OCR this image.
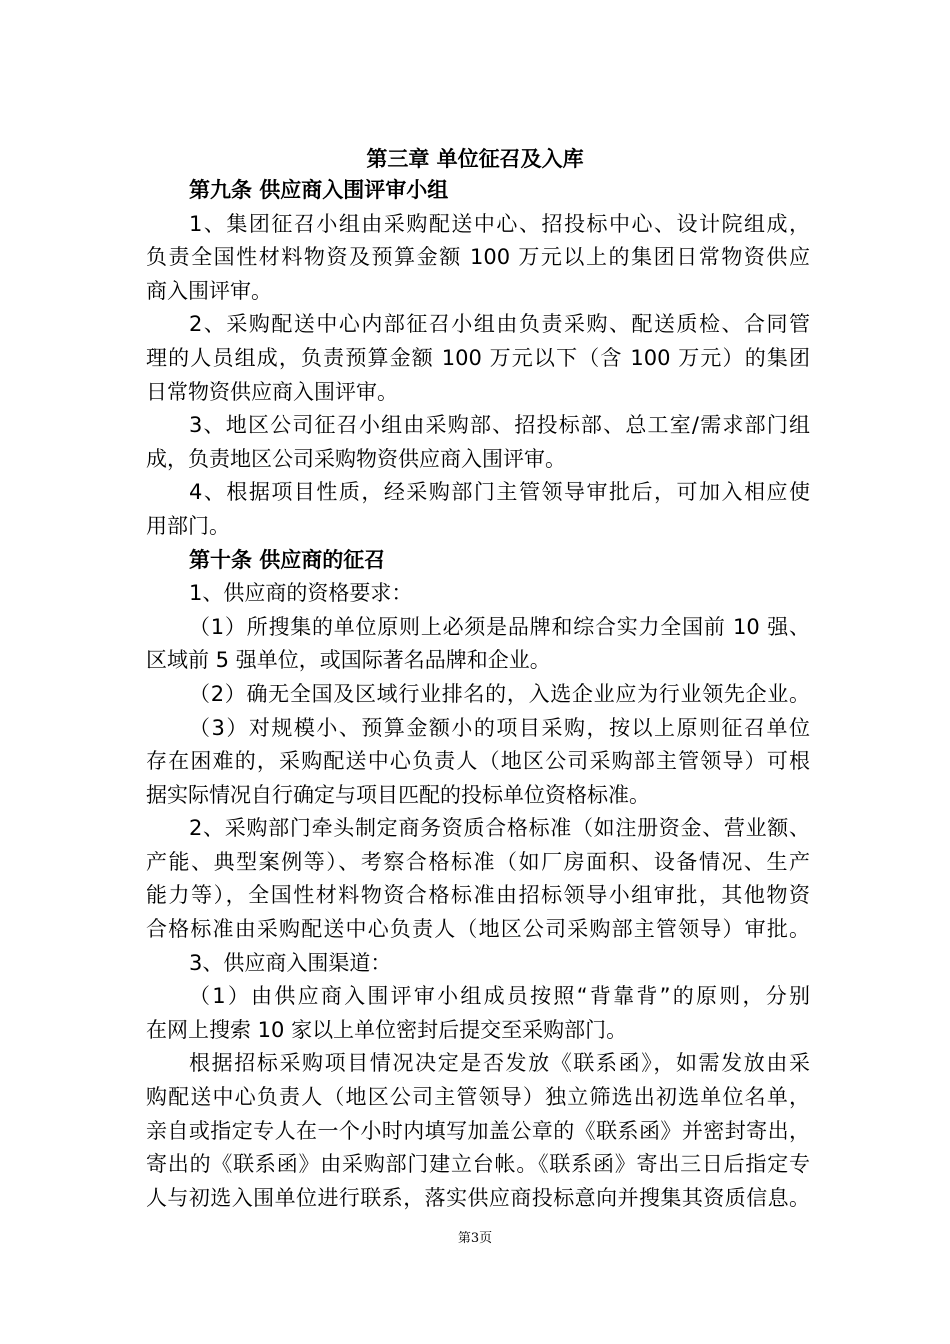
第三章 单位征召及入库

第九条 供应商入围评审小组

1、集团征召小组由采购配送中心、招投标中心、设计院组成，

负责全国性材料物资及预算金额 100 万元以上的集团日常物资供应

商入围评审。

2、采购配送中心内部征召小组由负责采购、配送质检、合同管

理的人员组成，负责预算金额 100 万元以下（含 100 万元）的集团

日常物资供应商入围评审。

3、地区公司征召小组由采购部、招投标部、总工室/需求部门组

成，负责地区公司采购物资供应商入围评审。

4、根据项目性质，经采购部门主管领导审批后，可加入相应使

用部门。

第十条 供应商的征召

1、供应商的资格要求：

（1）所搜集的单位原则上必须是品牌和综合实力全国前 10 强、

区域前 5 强单位，或国际著名品牌和企业。

（2）确无全国及区域行业排名的，入选企业应为行业领先企业。

（3）对规模小、预算金额小的项目采购，按以上原则征召单位

存在困难的，采购配送中心负责人（地区公司采购部主管领导）可根

据实际情况自行确定与项目匹配的投标单位资格标准。

2、采购部门牵头制定商务资质合格标准（如注册资金、营业额、

产能、典型案例等）、考察合格标准（如厂房面积、设备情况、生产

能力等），全国性材料物资合格标准由招标领导小组审批，其他物资

合格标准由采购配送中心负责人（地区公司采购部主管领导）审批。

3、供应商入围渠道：

（1）由供应商入围评审小组成员按照“背靠背”的原则，分别

在网上搜索 10 家以上单位密封后提交至采购部门。

根据招标采购项目情况决定是否发放《联系函》，如需发放由采

购配送中心负责人（地区公司主管领导）独立筛选出初选单位名单，

亲自或指定专人在一个小时内填写加盖公章的《联系函》并密封寄出，

寄出的《联系函》由采购部门建立台帐。《联系函》寄出三日后指定专

人与初选入围单位进行联系，落实供应商投标意向并搜集其资质信息。

第3页
